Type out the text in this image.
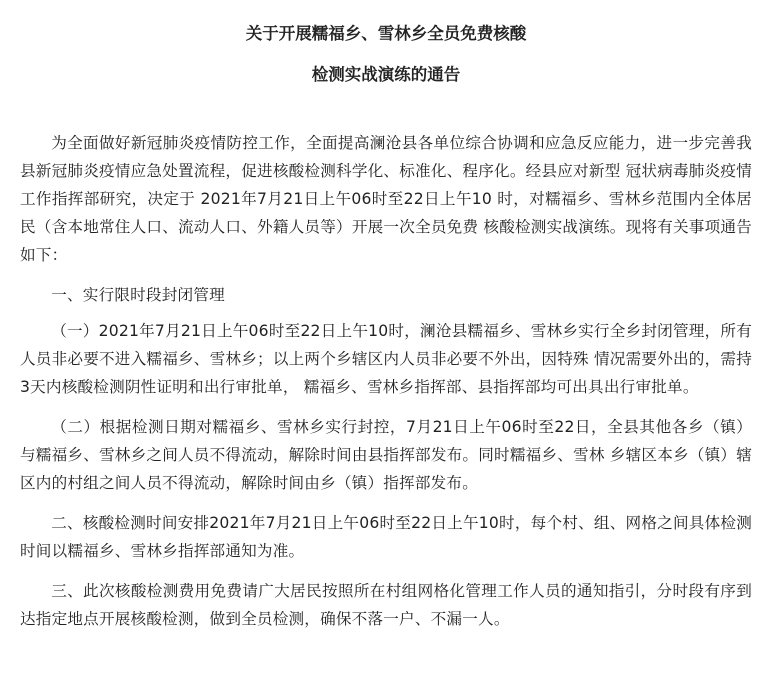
关于开展糯福乡、雪林乡全员免费核酸
检测实战演练的通告

为全面做好新冠肺炎疫情防控工作，全面提高澜沧县各单位综合协调和应急反应能力，进一步完善我县新冠肺炎疫情应急处置流程，促进核酸检测科学化、标准化、程序化。经县应对新型 冠状病毒肺炎疫情工作指挥部研究，决定于 2021年7月21日上午06时至22日上午10 时，对糯福乡、雪林乡范围内全体居民（含本地常住人口、流动人口、外籍人员等）开展一次全员免费 核酸检测实战演练。现将有关事项通告如下：

一、实行限时段封闭管理

（一）2021年7月21日上午06时至22日上午10时，澜沧县糯福乡、雪林乡实行全乡封闭管理，所有人员非必要不进入糯福乡、雪林乡；以上两个乡辖区内人员非必要不外出，因特殊 情况需要外出的，需持3天内核酸检测阴性证明和出行审批单， 糯福乡、雪林乡指挥部、县指挥部均可出具出行审批单。

（二）根据检测日期对糯福乡、雪林乡实行封控，7月21日上午06时至22日，全县其他各乡（镇）与糯福乡、雪林乡之间人员不得流动，解除时间由县指挥部发布。同时糯福乡、雪林 乡辖区本乡（镇）辖区内的村组之间人员不得流动，解除时间由乡（镇）指挥部发布。

二、核酸检测时间安排2021年7月21日上午06时至22日上午10时，每个村、组、网格之间具体检测时间以糯福乡、雪林乡指挥部通知为准。

三、此次核酸检测费用免费请广大居民按照所在村组网格化管理工作人员的通知指引，分时段有序到达指定地点开展核酸检测，做到全员检测，确保不落一户、不漏一人。
